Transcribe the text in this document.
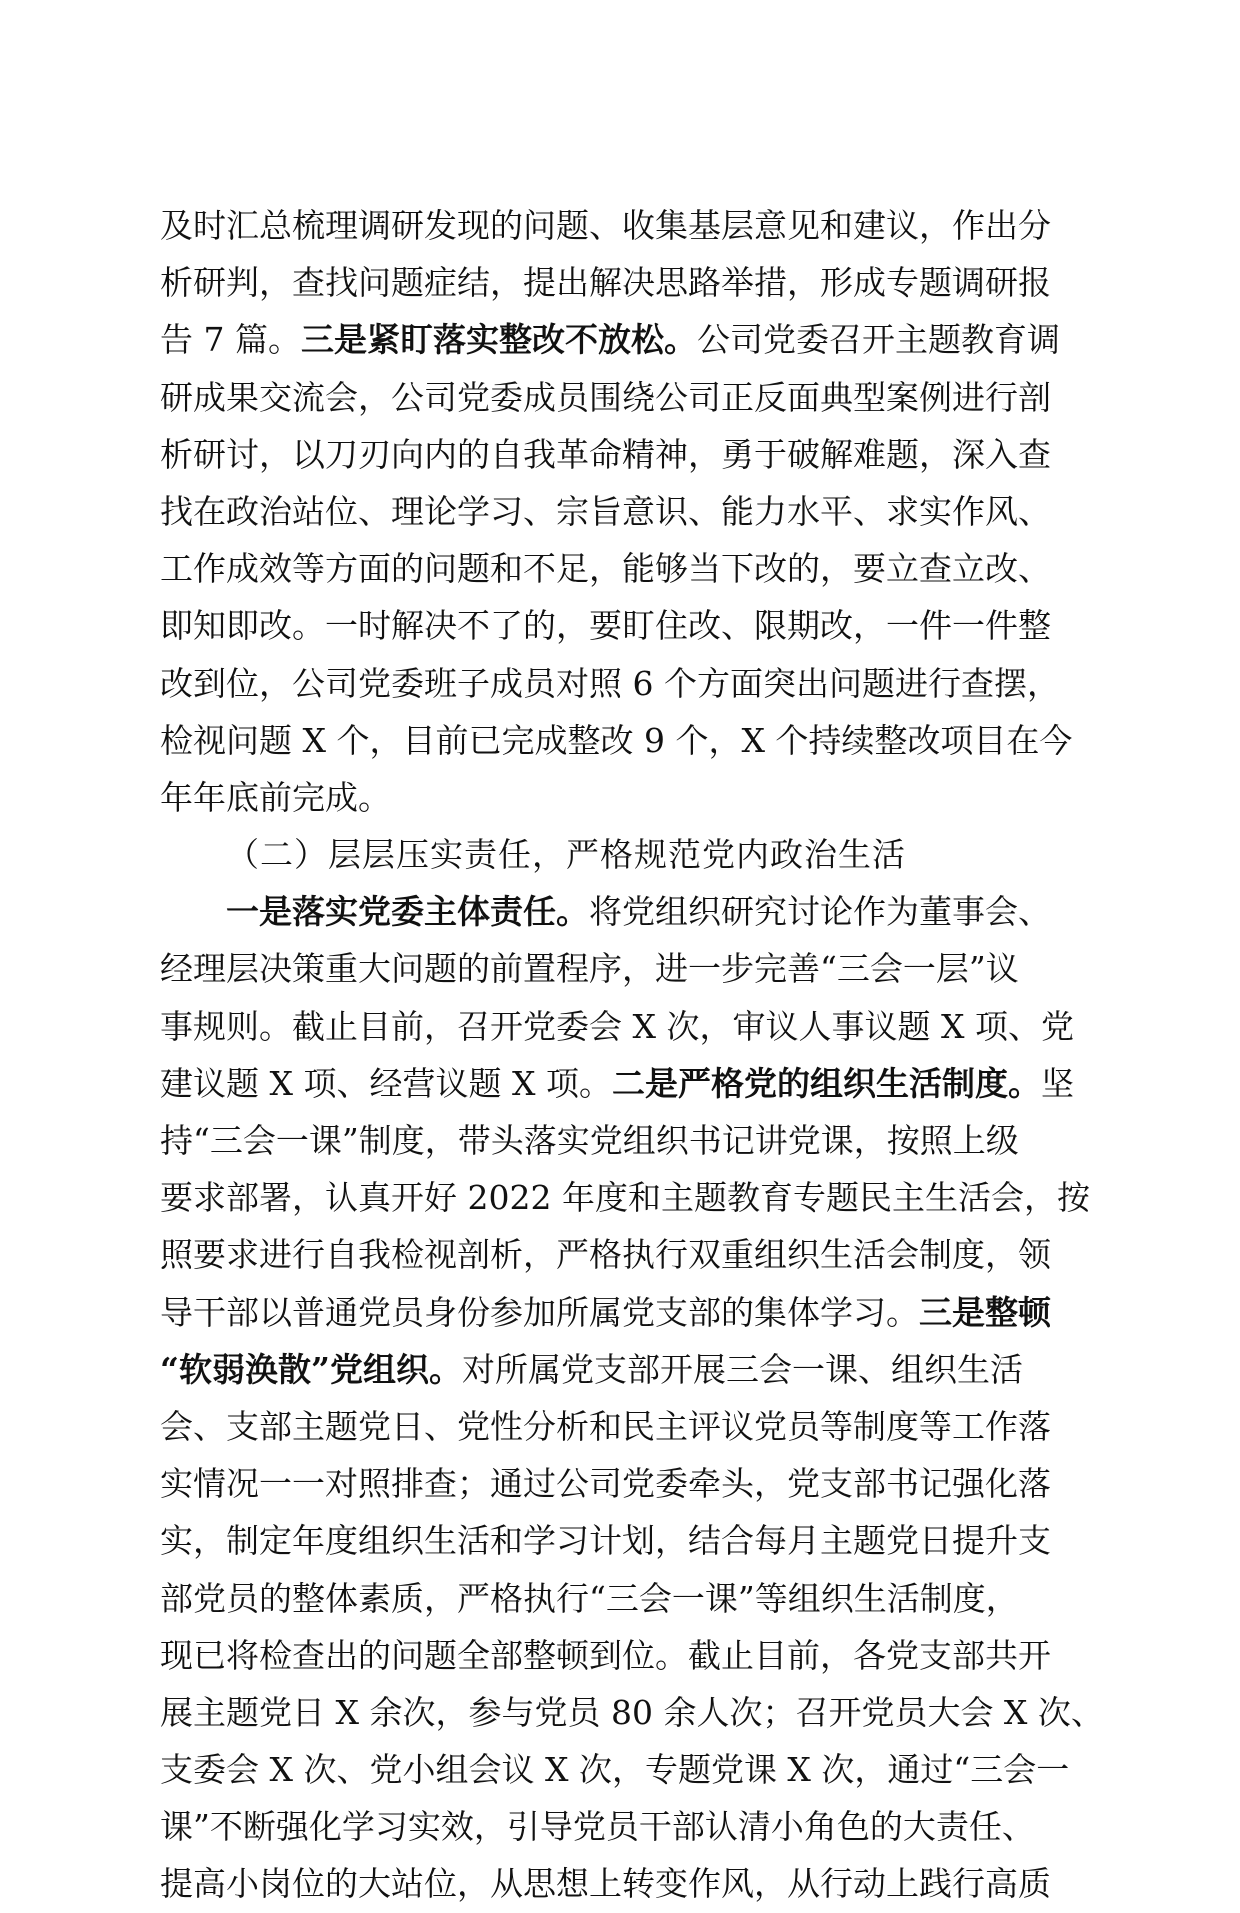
及时汇总梳理调研发现的问题、收集基层意见和建议，作出分
析研判，查找问题症结，提出解决思路举措，形成专题调研报
告 7 篇。三是紧盯落实整改不放松。公司党委召开主题教育调
研成果交流会，公司党委成员围绕公司正反面典型案例进行剖
析研讨，以刀刃向内的自我革命精神，勇于破解难题，深入查
找在政治站位、理论学习、宗旨意识、能力水平、求实作风、
工作成效等方面的问题和不足，能够当下改的，要立查立改、
即知即改。一时解决不了的，要盯住改、限期改，一件一件整
改到位，公司党委班子成员对照 6 个方面突出问题进行查摆，
检视问题 X 个，目前已完成整改 9 个，X 个持续整改项目在今
年年底前完成。
（二）层层压实责任，严格规范党内政治生活
一是落实党委主体责任。将党组织研究讨论作为董事会、
经理层决策重大问题的前置程序，进一步完善“三会一层”议
事规则。截止目前，召开党委会 X 次，审议人事议题 X 项、党
建议题 X 项、经营议题 X 项。二是严格党的组织生活制度。坚
持“三会一课”制度，带头落实党组织书记讲党课，按照上级
要求部署，认真开好 2022 年度和主题教育专题民主生活会，按
照要求进行自我检视剖析，严格执行双重组织生活会制度，领
导干部以普通党员身份参加所属党支部的集体学习。三是整顿
“软弱涣散”党组织。对所属党支部开展三会一课、组织生活
会、支部主题党日、党性分析和民主评议党员等制度等工作落
实情况一一对照排查；通过公司党委牵头，党支部书记强化落
实，制定年度组织生活和学习计划，结合每月主题党日提升支
部党员的整体素质，严格执行“三会一课”等组织生活制度，
现已将检查出的问题全部整顿到位。截止目前，各党支部共开
展主题党日 X 余次，参与党员 80 余人次；召开党员大会 X 次、
支委会 X 次、党小组会议 X 次，专题党课 X 次，通过“三会一
课”不断强化学习实效，引导党员干部认清小角色的大责任、
提高小岗位的大站位，从思想上转变作风，从行动上践行高质
